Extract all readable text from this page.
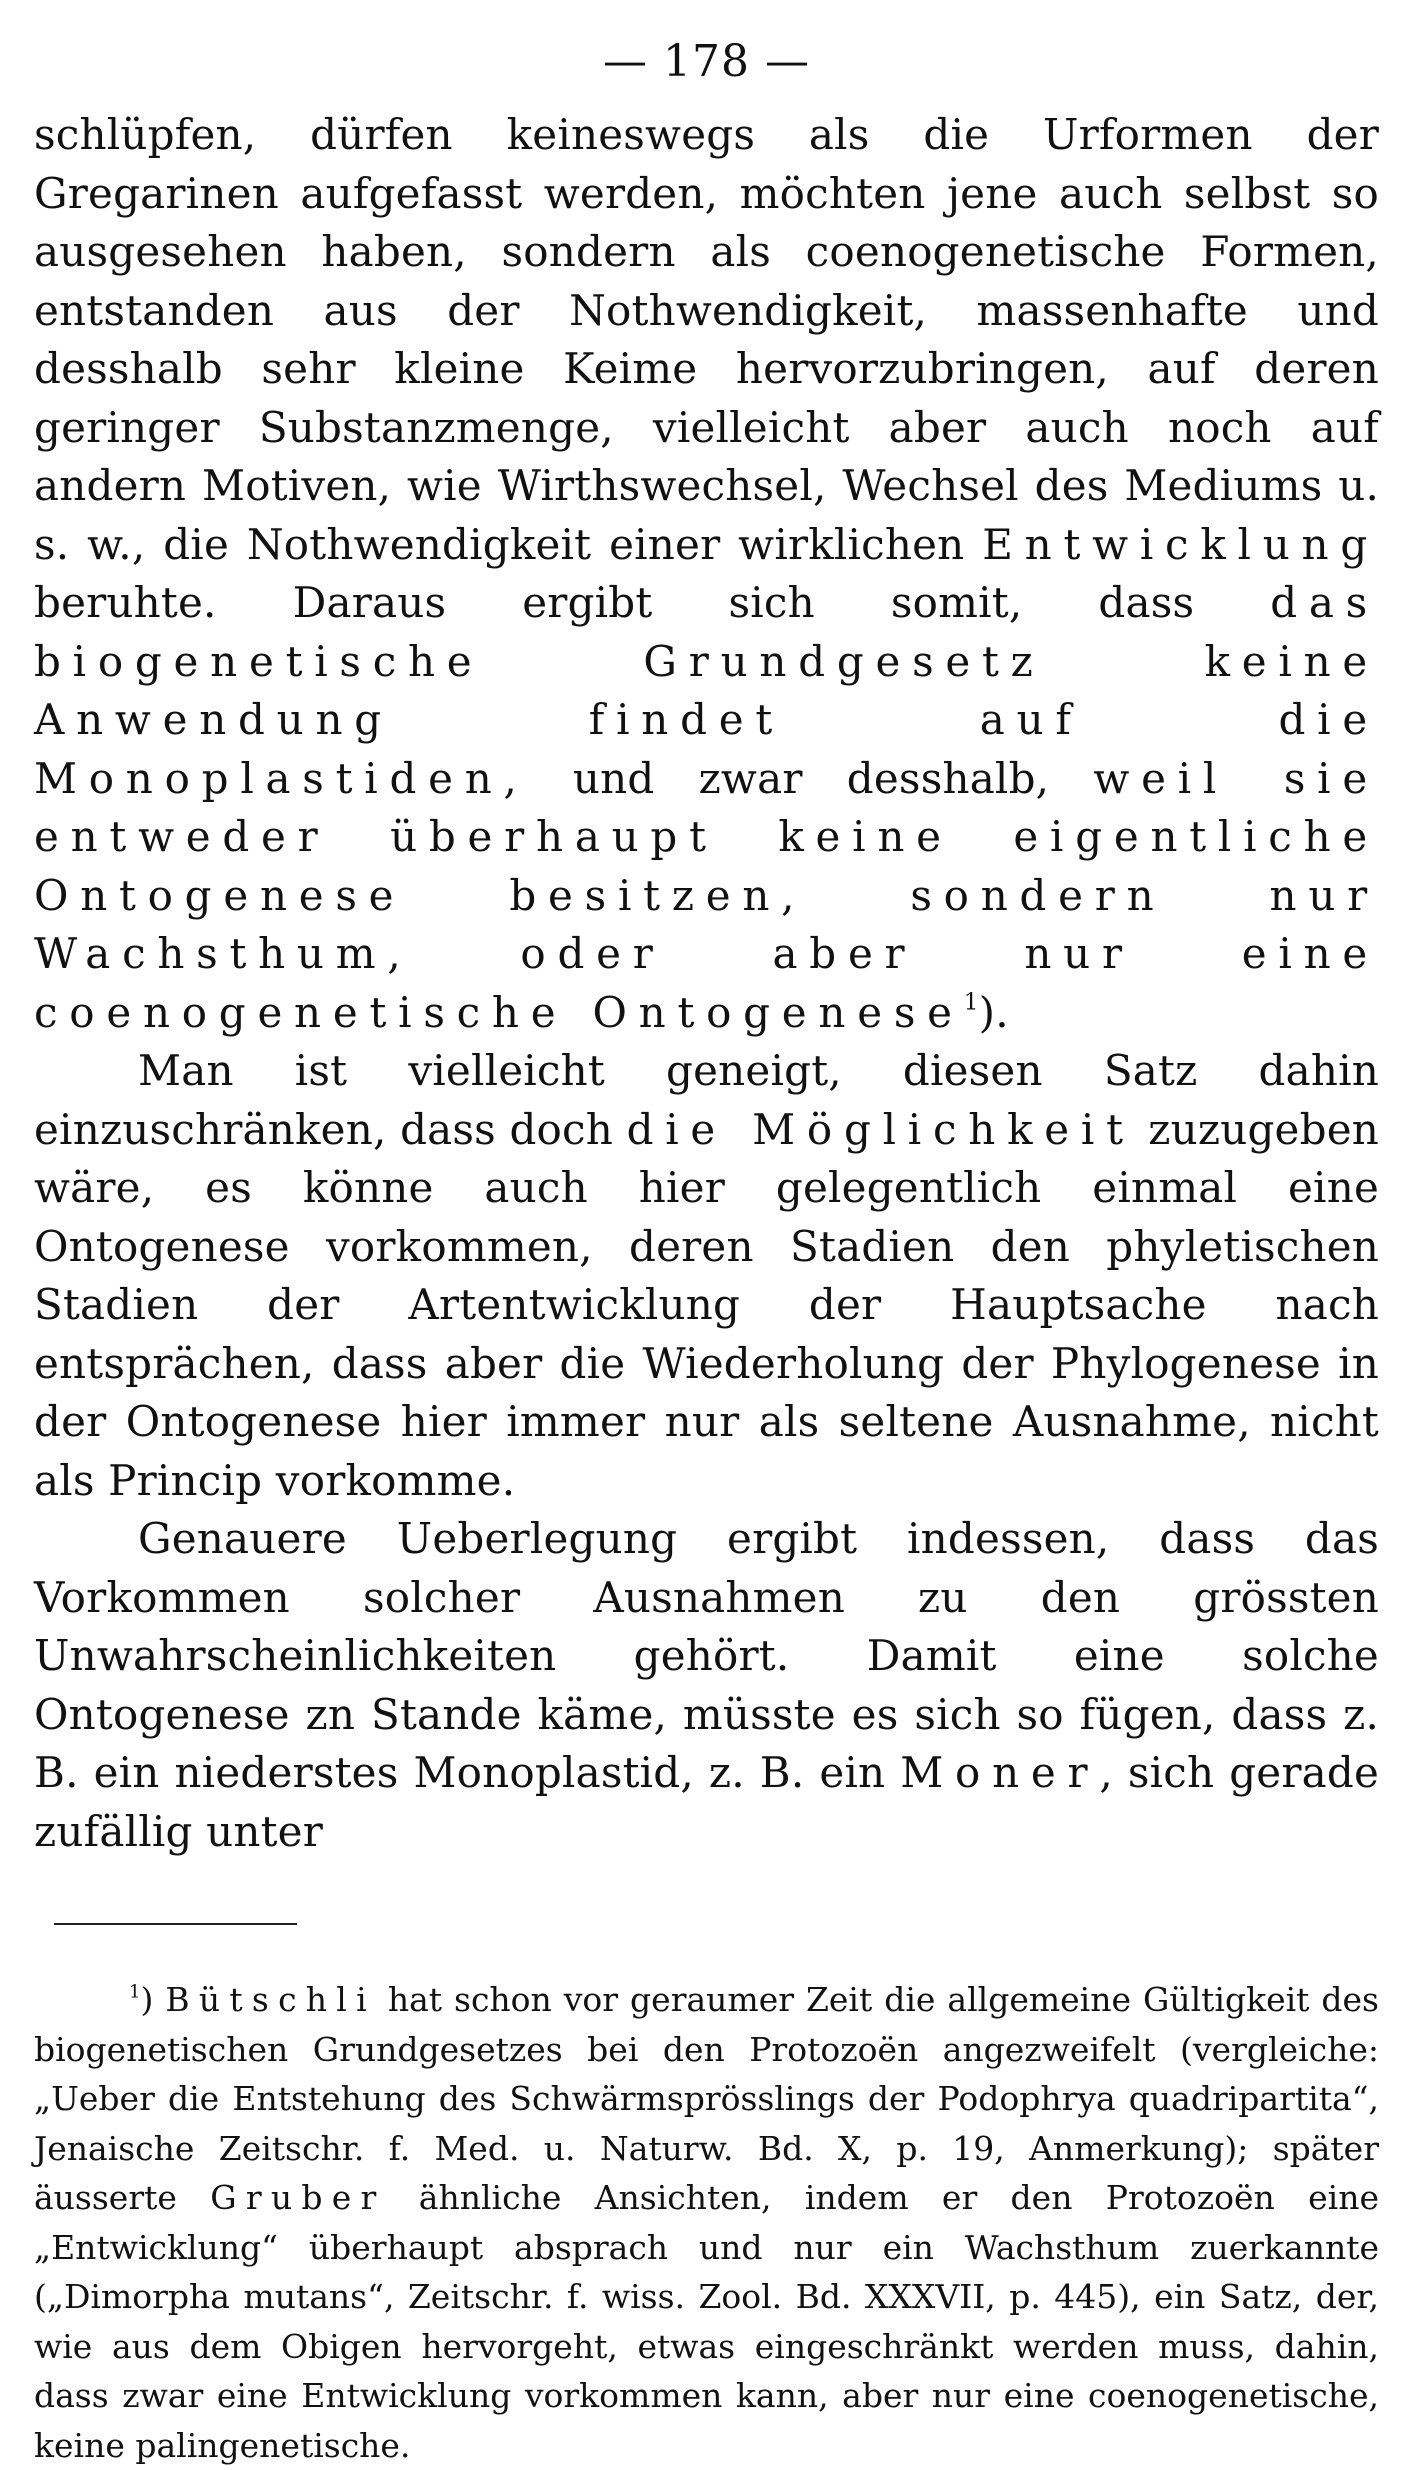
— 178 —

schlüpfen, dürfen keineswegs als die Urformen der Gregarinen aufgefasst werden, möchten jene auch selbst so ausgesehen haben, sondern als coenogenetische Formen, entstanden aus der Nothwendigkeit, massenhafte und desshalb sehr kleine Keime hervorzubringen, auf deren geringer Substanzmenge, vielleicht aber auch noch auf andern Motiven, wie Wirthswechsel, Wechsel des Mediums u. s. w., die Nothwendigkeit einer wirklichen Entwicklung beruhte. Daraus ergibt sich somit, dass das biogenetische Grundgesetz keine Anwendung findet auf die Monoplastiden, und zwar desshalb, weil sie entweder überhaupt keine eigentliche Ontogenese besitzen, sondern nur Wachsthum, oder aber nur eine coenogenetische Ontogenese$^1$).

Man ist vielleicht geneigt, diesen Satz dahin einzuschränken, dass doch die Möglichkeit zuzugeben wäre, es könne auch hier gelegentlich einmal eine Ontogenese vorkommen, deren Stadien den phyletischen Stadien der Artentwicklung der Hauptsache nach entsprächen, dass aber die Wiederholung der Phylogenese in der Ontogenese hier immer nur als seltene Ausnahme, nicht als Princip vorkomme.

Genauere Ueberlegung ergibt indessen, dass das Vorkommen solcher Ausnahmen zu den grössten Unwahrscheinlichkeiten gehört. Damit eine solche Ontogenese zn Stande käme, müsste es sich so fügen, dass z. B. ein niederstes Monoplastid, z. B. ein Moner, sich gerade zufällig unter

$^1$) Bütschli hat schon vor geraumer Zeit die allgemeine Gültigkeit des biogenetischen Grundgesetzes bei den Protozoën angezweifelt (vergleiche: „Ueber die Entstehung des Schwärmsprösslings der Podophrya quadripartita“, Jenaische Zeitschr. f. Med. u. Naturw. Bd. X, p. 19, Anmerkung); später äusserte Gruber ähnliche Ansichten, indem er den Protozoën eine „Entwicklung“ überhaupt absprach und nur ein Wachsthum zuerkannte („Dimorpha mutans“, Zeitschr. f. wiss. Zool. Bd. XXXVII, p. 445), ein Satz, der, wie aus dem Obigen hervorgeht, etwas eingeschränkt werden muss, dahin, dass zwar eine Entwicklung vorkommen kann, aber nur eine coenogenetische, keine palingenetische.
